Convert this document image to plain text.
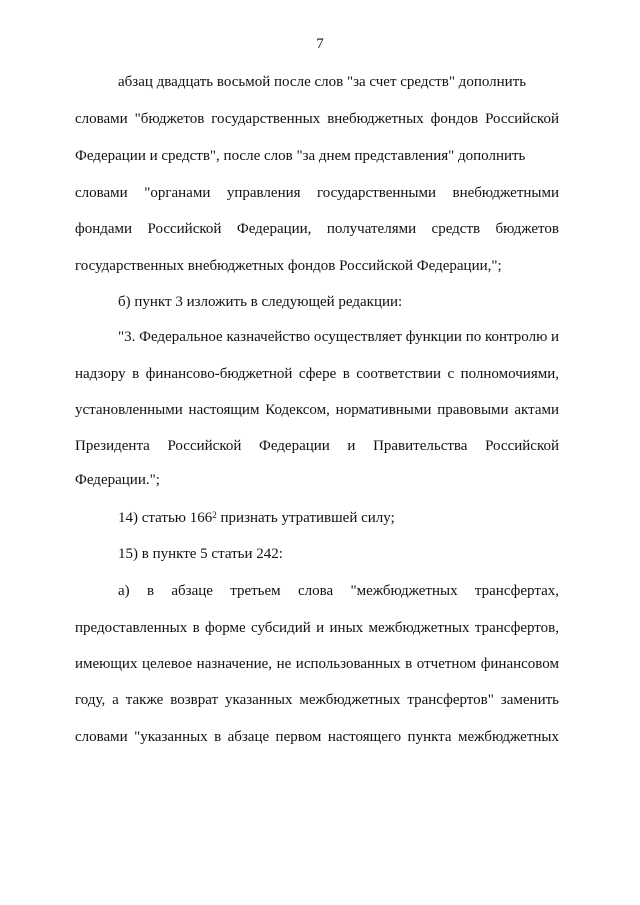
7
абзац двадцать восьмой после слов "за счет средств" дополнить
словами "бюджетов государственных внебюджетных фондов Российской
Федерации и средств", после слов "за днем представления" дополнить
словами "органами управления государственными внебюджетными
фондами Российской Федерации, получателями средств бюджетов
государственных внебюджетных фондов Российской Федерации,";
б) пункт 3 изложить в следующей редакции:
"3. Федеральное казначейство осуществляет функции по контролю и
надзору в финансово-бюджетной сфере в соответствии с полномочиями,
установленными настоящим Кодексом, нормативными правовыми актами
Президента Российской Федерации и Правительства Российской
Федерации.";
14) статью $166^2$ признать утратившей силу;
15) в пункте 5 статьи 242:
а) в абзаце третьем слова "межбюджетных трансфертах,
предоставленных в форме субсидий и иных межбюджетных трансфертов,
имеющих целевое назначение, не использованных в отчетном финансовом
году, а также возврат указанных межбюджетных трансфертов" заменить
словами "указанных в абзаце первом настоящего пункта межбюджетных
